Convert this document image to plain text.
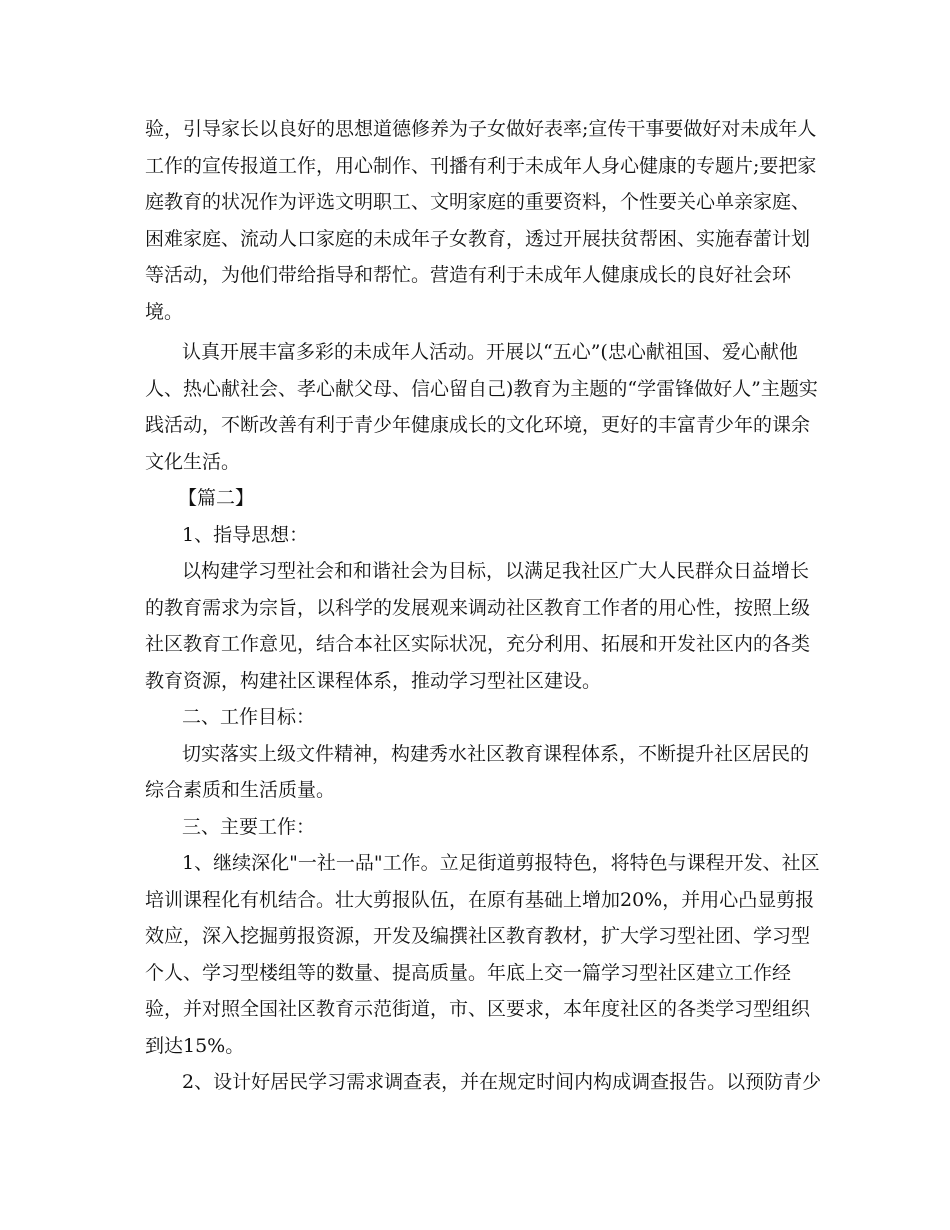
验，引导家长以良好的思想道德修养为子女做好表率;宣传干事要做好对未成年人
工作的宣传报道工作，用心制作、刊播有利于未成年人身心健康的专题片;要把家
庭教育的状况作为评选文明职工、文明家庭的重要资料，个性要关心单亲家庭、
困难家庭、流动人口家庭的未成年子女教育，透过开展扶贫帮困、实施春蕾计划
等活动，为他们带给指导和帮忙。营造有利于未成年人健康成长的良好社会环
境。
认真开展丰富多彩的未成年人活动。开展以“五心”(忠心献祖国、爱心献他
人、热心献社会、孝心献父母、信心留自己)教育为主题的“学雷锋做好人”主题实
践活动，不断改善有利于青少年健康成长的文化环境，更好的丰富青少年的课余
文化生活。
【篇二】
1、指导思想：
以构建学习型社会和和谐社会为目标，以满足我社区广大人民群众日益增长
的教育需求为宗旨，以科学的发展观来调动社区教育工作者的用心性，按照上级
社区教育工作意见，结合本社区实际状况，充分利用、拓展和开发社区内的各类
教育资源，构建社区课程体系，推动学习型社区建设。
二、工作目标：
切实落实上级文件精神，构建秀水社区教育课程体系，不断提升社区居民的
综合素质和生活质量。
三、主要工作：
1、继续深化"一社一品"工作。立足街道剪报特色，将特色与课程开发、社区
培训课程化有机结合。壮大剪报队伍，在原有基础上增加20%，并用心凸显剪报
效应，深入挖掘剪报资源，开发及编撰社区教育教材，扩大学习型社团、学习型
个人、学习型楼组等的数量、提高质量。年底上交一篇学习型社区建立工作经
验，并对照全国社区教育示范街道，市、区要求，本年度社区的各类学习型组织
到达15%。
2、设计好居民学习需求调查表，并在规定时间内构成调查报告。以预防青少
